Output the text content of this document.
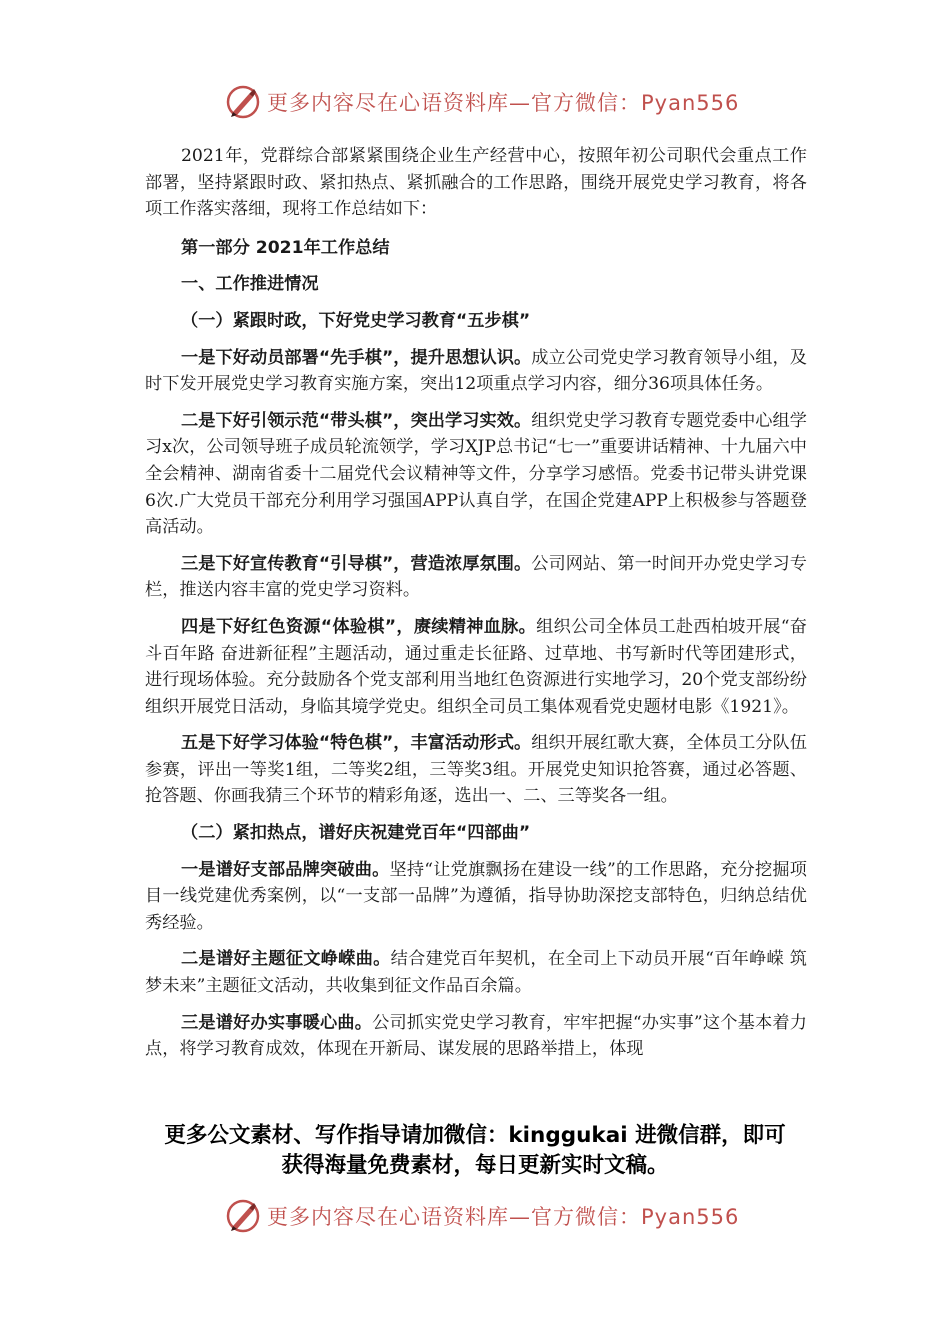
更多内容尽在心语资料库—官方微信：Pyan556

2021年，党群综合部紧紧围绕企业生产经营中心，按照年初公司职代会重点工作部署，坚持紧跟时政、紧扣热点、紧抓融合的工作思路，围绕开展党史学习教育，将各项工作落实落细，现将工作总结如下：

第一部分 2021年工作总结

一、工作推进情况

（一）紧跟时政，下好党史学习教育“五步棋”

一是下好动员部署“先手棋”，提升思想认识。成立公司党史学习教育领导小组，及时下发开展党史学习教育实施方案，突出12项重点学习内容，细分36项具体任务。

二是下好引领示范“带头棋”，突出学习实效。组织党史学习教育专题党委中心组学习x次，公司领导班子成员轮流领学，学习XJP总书记“七一”重要讲话精神、十九届六中全会精神、湖南省委十二届党代会议精神等文件，分享学习感悟。党委书记带头讲党课6次.广大党员干部充分利用学习强国APP认真自学，在国企党建APP上积极参与答题登高活动。

三是下好宣传教育“引导棋”，营造浓厚氛围。公司网站、第一时间开办党史学习专栏，推送内容丰富的党史学习资料。

四是下好红色资源“体验棋”，赓续精神血脉。组织公司全体员工赴西柏坡开展“奋斗百年路 奋进新征程”主题活动，通过重走长征路、过草地、书写新时代等团建形式，进行现场体验。充分鼓励各个党支部利用当地红色资源进行实地学习，20个党支部纷纷组织开展党日活动，身临其境学党史。组织全司员工集体观看党史题材电影《1921》。

五是下好学习体验“特色棋”，丰富活动形式。组织开展红歌大赛，全体员工分队伍参赛，评出一等奖1组，二等奖2组，三等奖3组。开展党史知识抢答赛，通过必答题、抢答题、你画我猜三个环节的精彩角逐，选出一、二、三等奖各一组。

（二）紧扣热点，谱好庆祝建党百年“四部曲”

一是谱好支部品牌突破曲。坚持“让党旗飘扬在建设一线”的工作思路，充分挖掘项目一线党建优秀案例，以“一支部一品牌”为遵循，指导协助深挖支部特色，归纳总结优秀经验。

二是谱好主题征文峥嵘曲。结合建党百年契机，在全司上下动员开展“百年峥嵘 筑梦未来”主题征文活动，共收集到征文作品百余篇。

三是谱好办实事暖心曲。公司抓实党史学习教育，牢牢把握“办实事”这个基本着力点，将学习教育成效，体现在开新局、谋发展的思路举措上，体现

更多公文素材、写作指导请加微信：kinggukai 进微信群，即可
获得海量免费素材，每日更新实时文稿。
更多内容尽在心语资料库—官方微信：Pyan556
